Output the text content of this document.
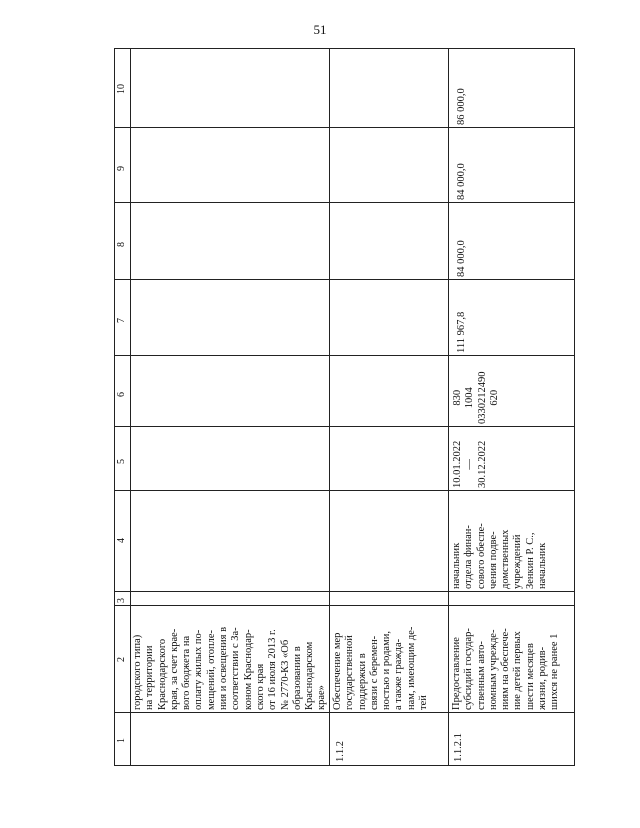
51
10
9
8
7
6
5
4
3
2
1
городского типа)
на территории
Краснодарского
края, за счет крае-
вого бюджета на
оплату жилых по-
мещений, отопле-
ния и освещения в
соответствии с За-
коном Краснодар-
ского края
от 16 июля 2013 г.
№ 2770-КЗ «Об
образовании в
Краснодарском
крае»
1.1.2
Обеспечение мер
государственной
поддержки в
связи с беремен-
ностью и родами,
а также гражда-
нам, имеющим де-
тей
1.1.2.1
Предоставление
субсидий государ-
ственным авто-
номным учрежде-
ниям на обеспече-
ние детей первых
шести месяцев
жизни, родив-
шихся не ранее 1
начальник
отдела финан-
сового обеспе-
чения подве-
домственных
учреждений
Зенкин Р. С.,
начальник
10.01.2022
—
30.12.2022
830
1004
0330212490
620
111 967,8
84 000,0
84 000,0
86 000,0
